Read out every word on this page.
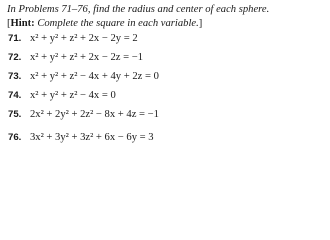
In Problems 71–76, find the radius and center of each sphere.
[Hint: Complete the square in each variable.]
71. x² + y² + z² + 2x − 2y = 2
72. x² + y² + z² + 2x − 2z = −1
73. x² + y² + z² − 4x + 4y + 2z = 0
74. x² + y² + z² − 4x = 0
75. 2x² + 2y² + 2z² − 8x + 4z = −1
76. 3x² + 3y² + 3z² + 6x − 6y = 3
